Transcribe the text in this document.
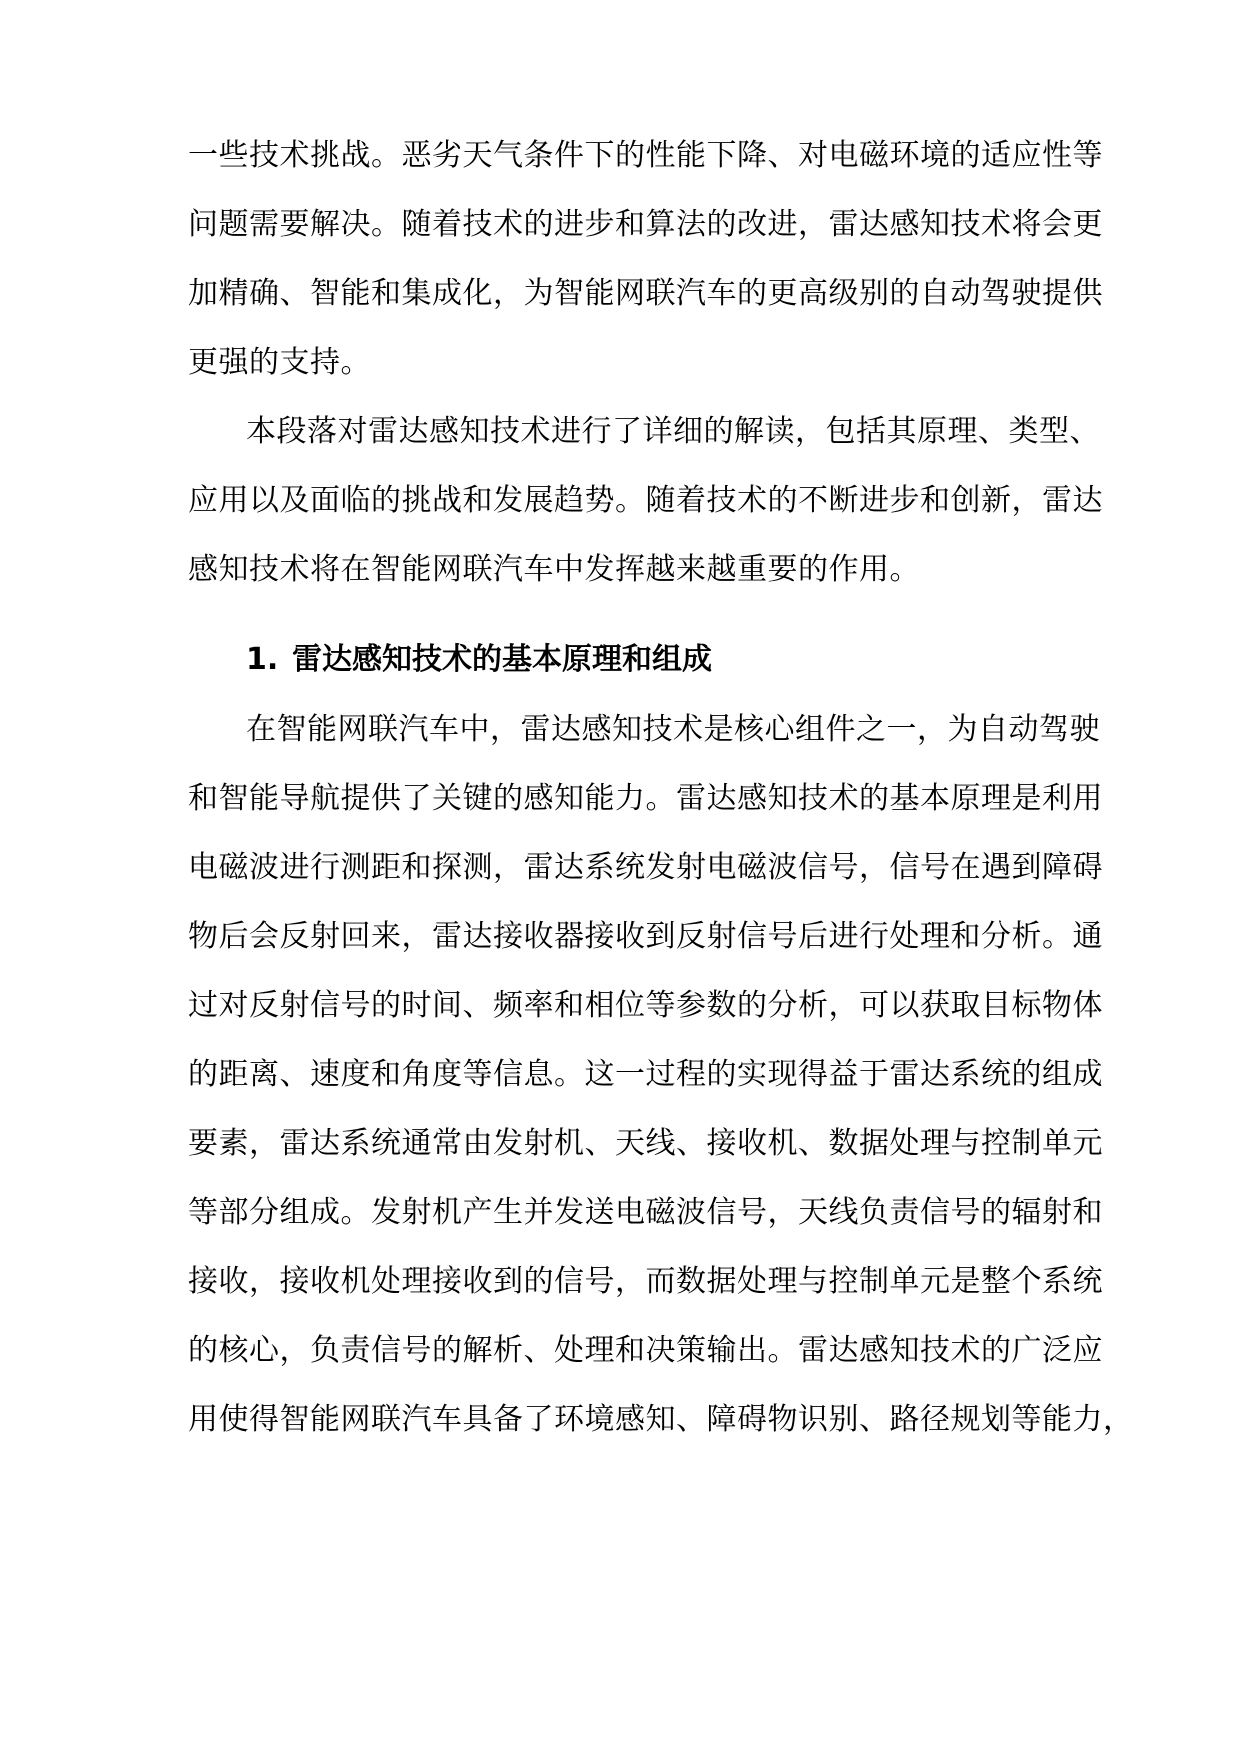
一些技术挑战。恶劣天气条件下的性能下降、对电磁环境的适应性等
问题需要解决。随着技术的进步和算法的改进，雷达感知技术将会更
加精确、智能和集成化，为智能网联汽车的更高级别的自动驾驶提供
更强的支持。
本段落对雷达感知技术进行了详细的解读，包括其原理、类型、
应用以及面临的挑战和发展趋势。随着技术的不断进步和创新，雷达
感知技术将在智能网联汽车中发挥越来越重要的作用。
1. 雷达感知技术的基本原理和组成
在智能网联汽车中，雷达感知技术是核心组件之一，为自动驾驶
和智能导航提供了关键的感知能力。雷达感知技术的基本原理是利用
电磁波进行测距和探测，雷达系统发射电磁波信号，信号在遇到障碍
物后会反射回来，雷达接收器接收到反射信号后进行处理和分析。通
过对反射信号的时间、频率和相位等参数的分析，可以获取目标物体
的距离、速度和角度等信息。这一过程的实现得益于雷达系统的组成
要素，雷达系统通常由发射机、天线、接收机、数据处理与控制单元
等部分组成。发射机产生并发送电磁波信号，天线负责信号的辐射和
接收，接收机处理接收到的信号，而数据处理与控制单元是整个系统
的核心，负责信号的解析、处理和决策输出。雷达感知技术的广泛应
用使得智能网联汽车具备了环境感知、障碍物识别、路径规划等能力，
